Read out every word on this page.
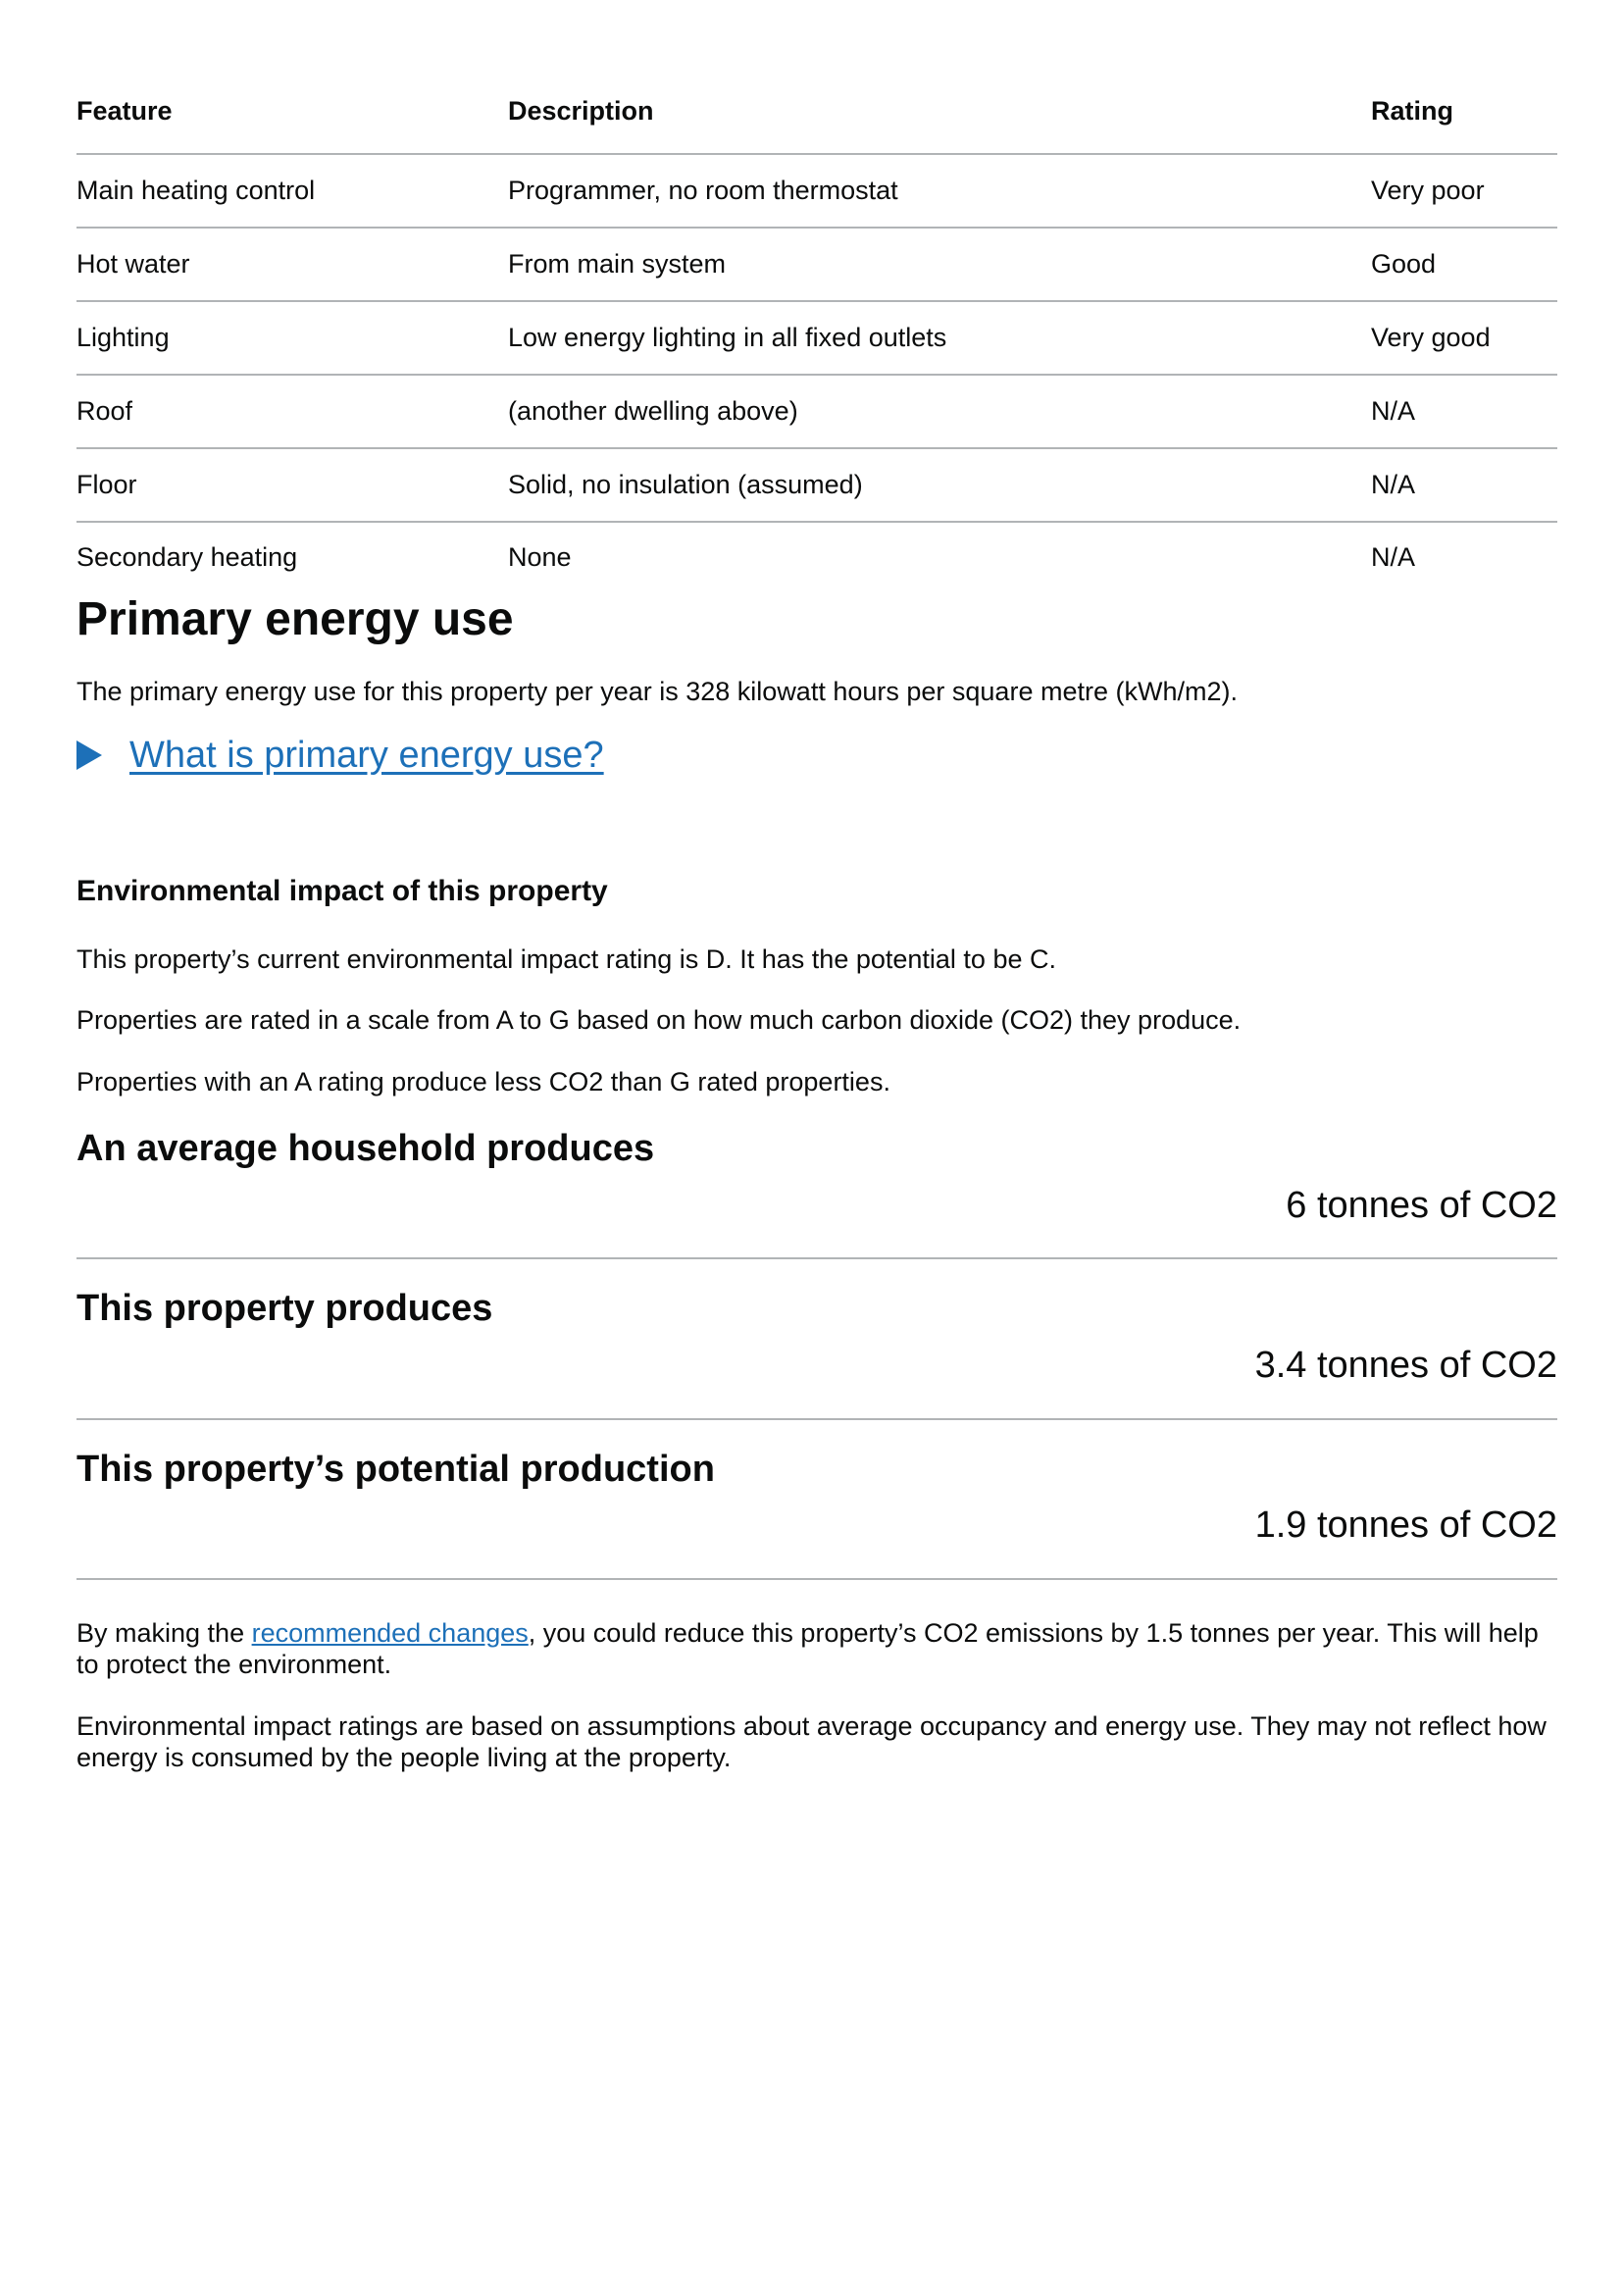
Feature	Description	Rating
Main heating control	Programmer, no room thermostat	Very poor
Hot water	From main system	Good
Lighting	Low energy lighting in all fixed outlets	Very good
Roof	(another dwelling above)	N/A
Floor	Solid, no insulation (assumed)	N/A
Secondary heating	None	N/A
Primary energy use

The primary energy use for this property per year is 328 kilowatt hours per square metre (kWh/m2).

What is primary energy use?
Environmental impact of this property

This property’s current environmental impact rating is D. It has the potential to be C.

Properties are rated in a scale from A to G based on how much carbon dioxide (CO2) they produce.

Properties with an A rating produce less CO2 than G rated properties.

An average household produces
6 tonnes of CO2
This property produces
3.4 tonnes of CO2
This property’s potential production
1.9 tonnes of CO2

By making the recommended changes, you could reduce this property’s CO2 emissions by 1.5 tonnes per year. This will help to protect the environment.

Environmental impact ratings are based on assumptions about average occupancy and energy use. They may not reflect how energy is consumed by the people living at the property.
